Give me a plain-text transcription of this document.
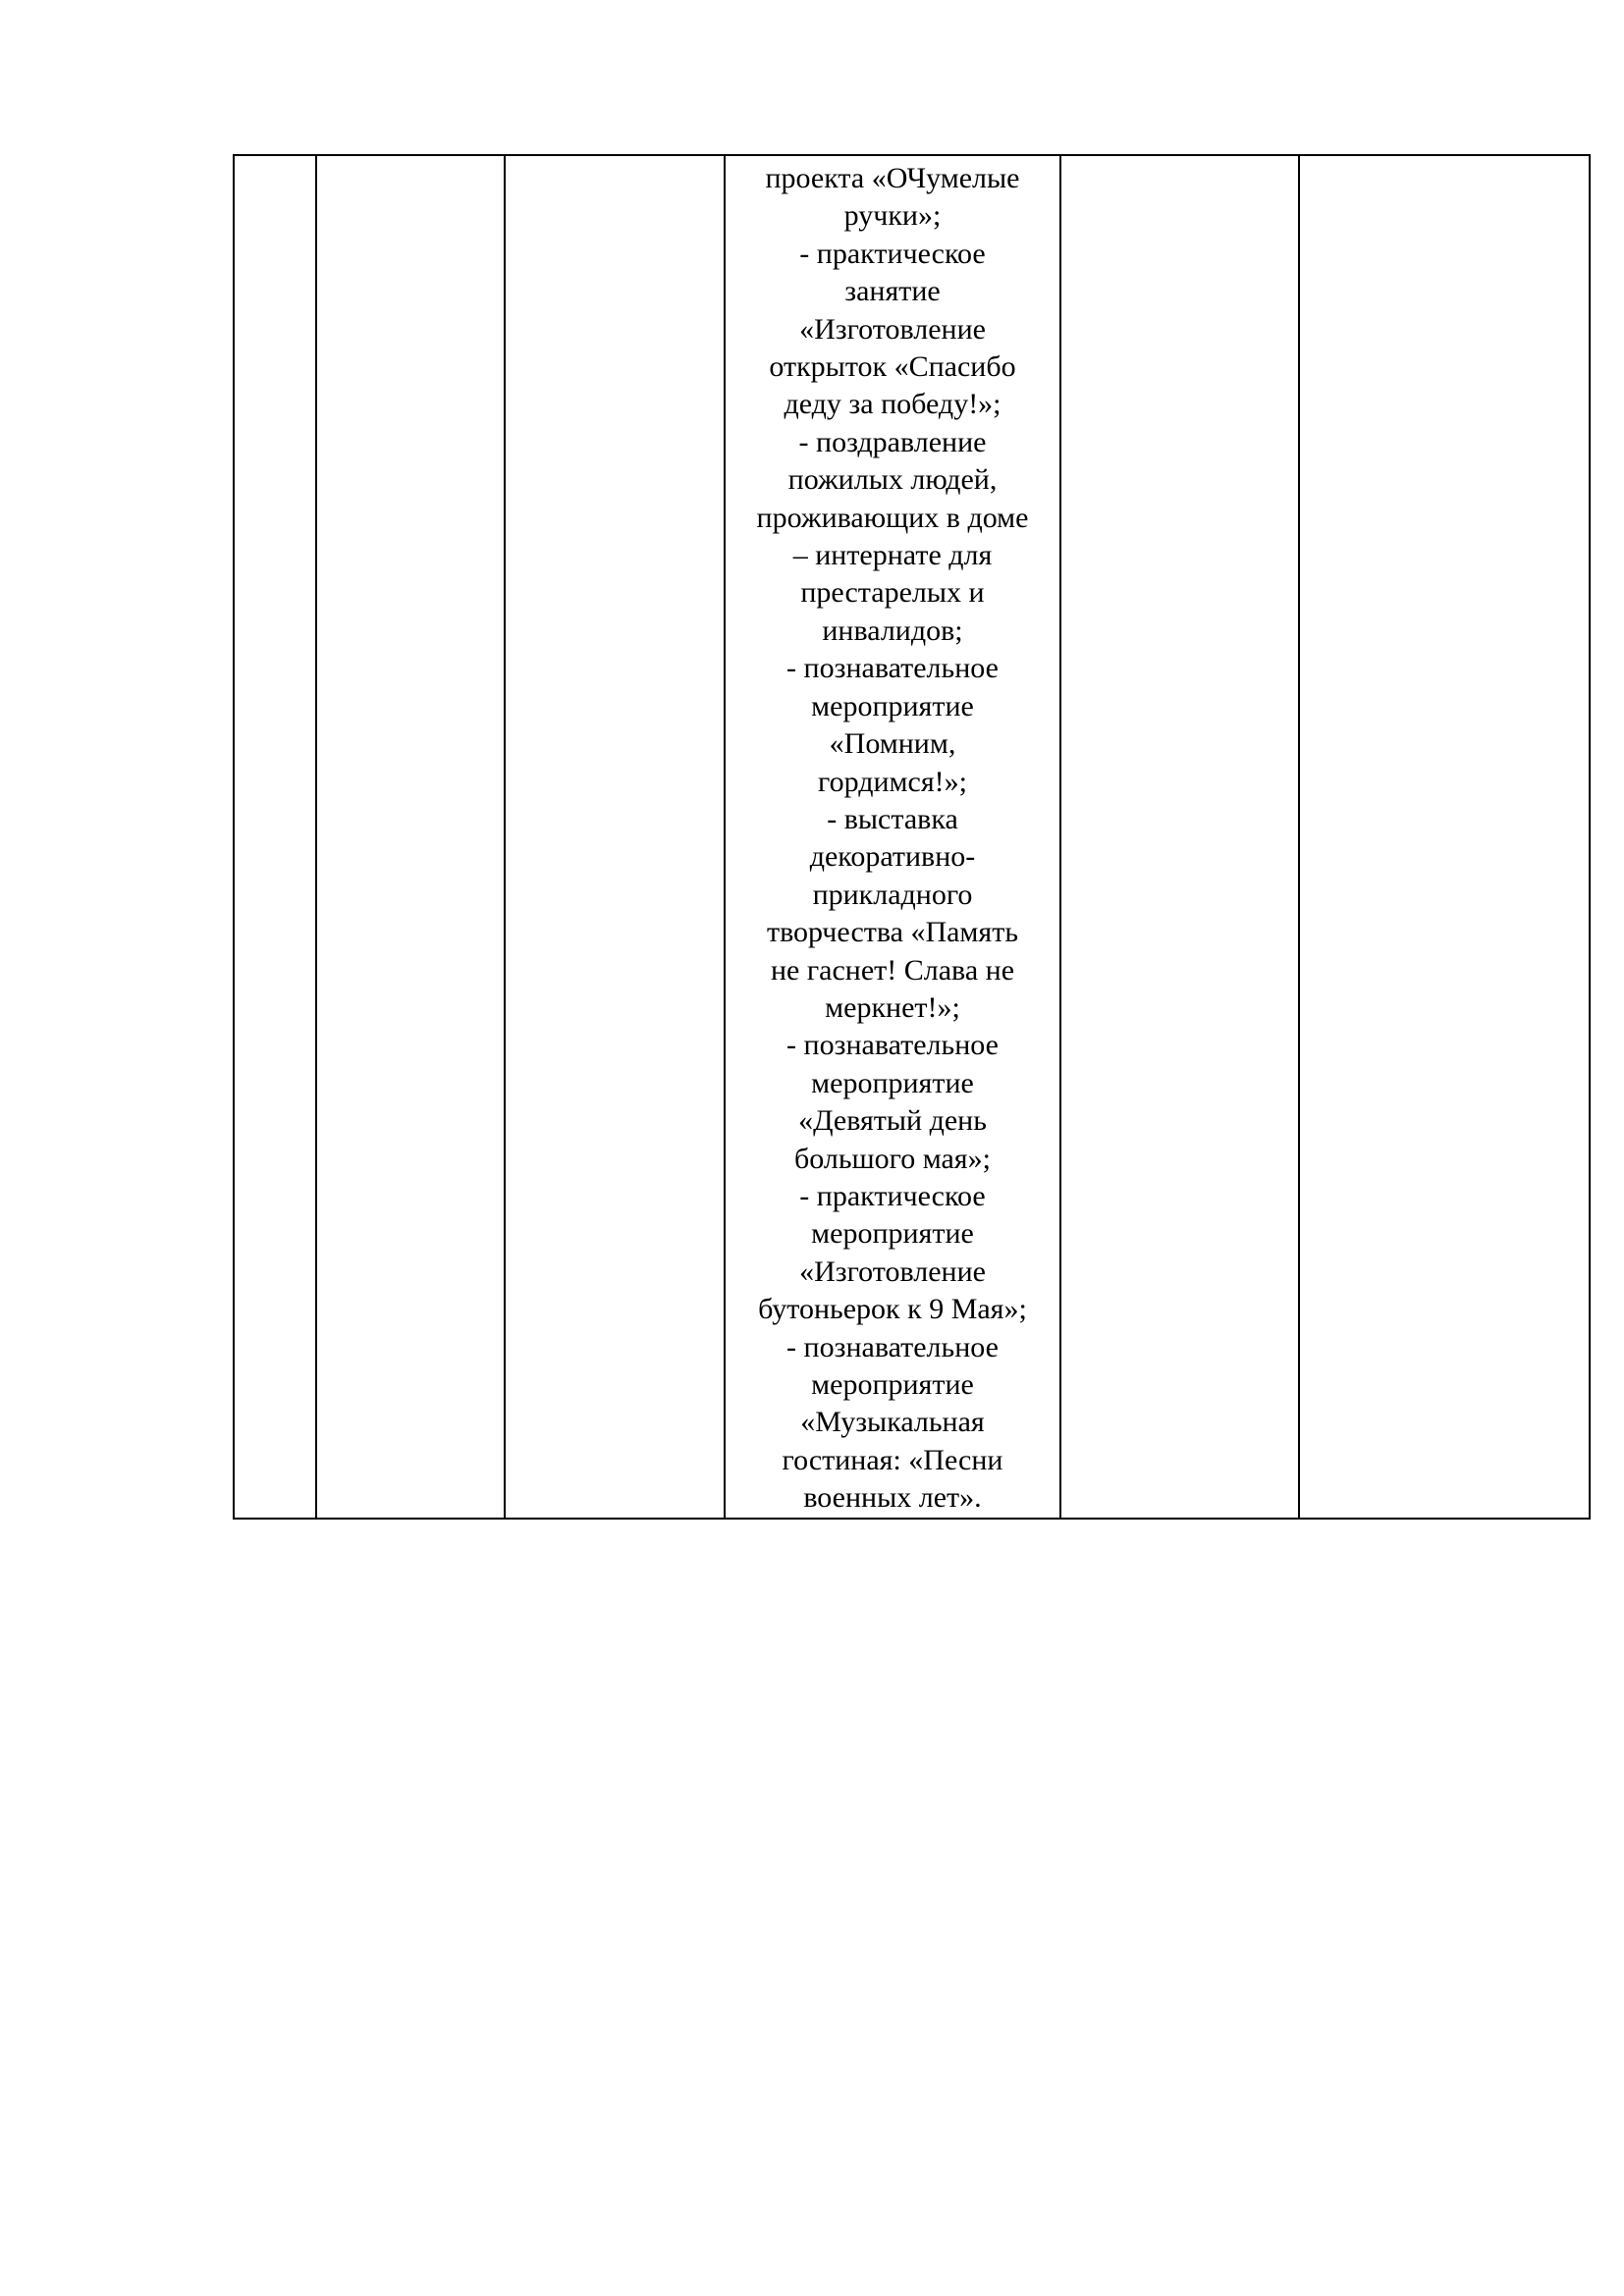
проекта «ОЧумелые
ручки»;
- практическое
занятие
«Изготовление
открыток «Спасибо
деду за победу!»;
- поздравление
пожилых людей,
проживающих в доме
– интернате для
престарелых и
инвалидов;
- познавательное
мероприятие
«Помним,
гордимся!»;
- выставка
декоративно-
прикладного
творчества «Память
не гаснет! Слава не
меркнет!»;
- познавательное
мероприятие
«Девятый день
большого мая»;
- практическое
мероприятие
«Изготовление
бутоньерок к 9 Мая»;
- познавательное
мероприятие
«Музыкальная
гостиная: «Песни
военных лет».
